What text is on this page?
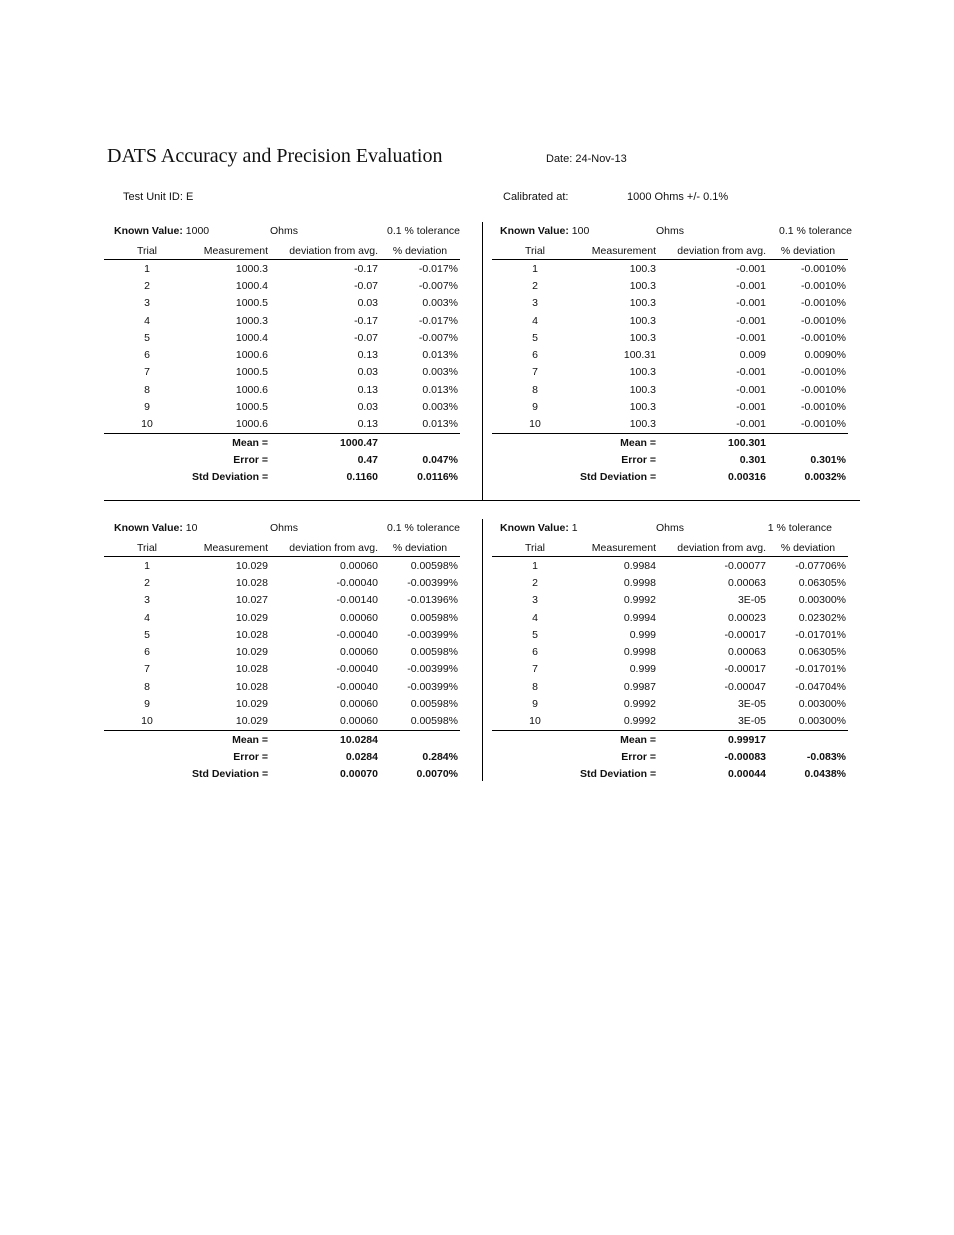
DATS Accuracy and Precision Evaluation	Date: 24-Nov-13
Test Unit ID: E	Calibrated at:	1000 Ohms +/- 0.1%
Known Value: 1000	Ohms	0.1 % tolerance
Trial	Measurement	deviation from avg.	% deviation
1	1000.3	-0.17	-0.017%
2	1000.4	-0.07	-0.007%
3	1000.5	0.03	0.003%
4	1000.3	-0.17	-0.017%
5	1000.4	-0.07	-0.007%
6	1000.6	0.13	0.013%
7	1000.5	0.03	0.003%
8	1000.6	0.13	0.013%
9	1000.5	0.03	0.003%
10	1000.6	0.13	0.013%
	Mean =	1000.47	
	Error =	0.47	0.047%
	Std Deviation =	0.1160	0.0116%
Known Value: 100	Ohms	0.1 % tolerance
Trial	Measurement	deviation from avg.	% deviation
1	100.3	-0.001	-0.0010%
2	100.3	-0.001	-0.0010%
3	100.3	-0.001	-0.0010%
4	100.3	-0.001	-0.0010%
5	100.3	-0.001	-0.0010%
6	100.31	0.009	0.0090%
7	100.3	-0.001	-0.0010%
8	100.3	-0.001	-0.0010%
9	100.3	-0.001	-0.0010%
10	100.3	-0.001	-0.0010%
	Mean =	100.301	
	Error =	0.301	0.301%
	Std Deviation =	0.00316	0.0032%
Known Value: 10	Ohms	0.1 % tolerance
Trial	Measurement	deviation from avg.	% deviation
1	10.029	0.00060	0.00598%
2	10.028	-0.00040	-0.00399%
3	10.027	-0.00140	-0.01396%
4	10.029	0.00060	0.00598%
5	10.028	-0.00040	-0.00399%
6	10.029	0.00060	0.00598%
7	10.028	-0.00040	-0.00399%
8	10.028	-0.00040	-0.00399%
9	10.029	0.00060	0.00598%
10	10.029	0.00060	0.00598%
	Mean =	10.0284	
	Error =	0.0284	0.284%
	Std Deviation =	0.00070	0.0070%
Known Value: 1	Ohms	1 % tolerance
Trial	Measurement	deviation from avg.	% deviation
1	0.9984	-0.00077	-0.07706%
2	0.9998	0.00063	0.06305%
3	0.9992	3E-05	0.00300%
4	0.9994	0.00023	0.02302%
5	0.999	-0.00017	-0.01701%
6	0.9998	0.00063	0.06305%
7	0.999	-0.00017	-0.01701%
8	0.9987	-0.00047	-0.04704%
9	0.9992	3E-05	0.00300%
10	0.9992	3E-05	0.00300%
	Mean =	0.99917	
	Error =	-0.00083	-0.083%
	Std Deviation =	0.00044	0.0438%
